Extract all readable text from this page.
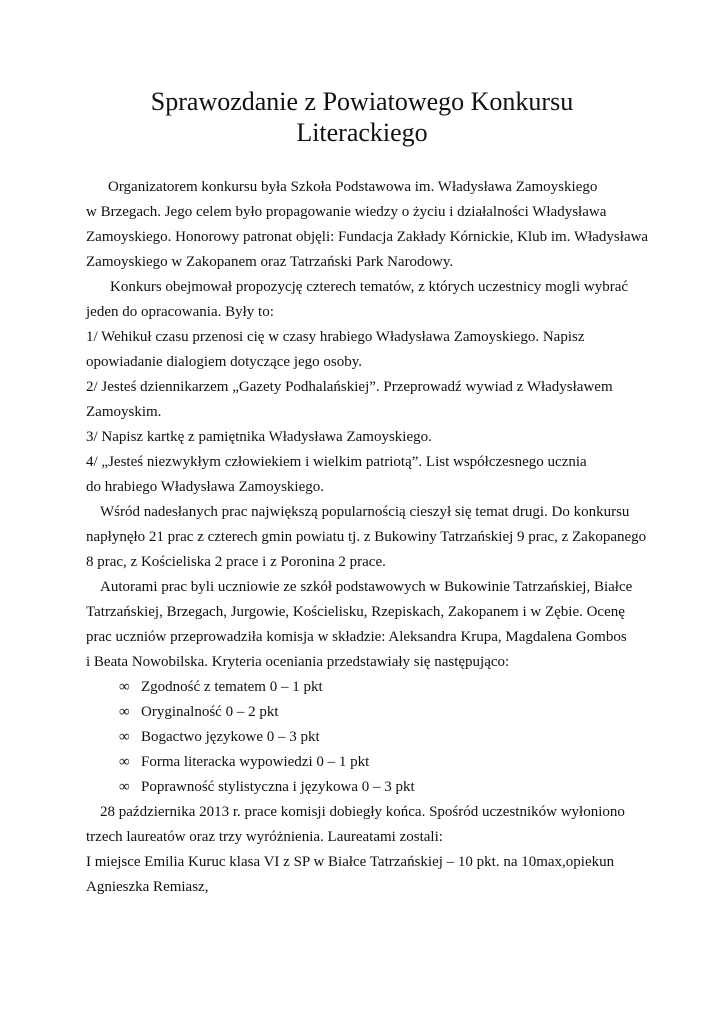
Sprawozdanie z Powiatowego Konkursu
Literackiego
Organizatorem konkursu była Szkoła Podstawowa im. Władysława Zamoyskiego
w Brzegach. Jego celem było propagowanie wiedzy o życiu i działalności Władysława
Zamoyskiego. Honorowy patronat objęli: Fundacja Zakłady Kórnickie, Klub im. Władysława
Zamoyskiego w Zakopanem oraz Tatrzański Park Narodowy.
Konkurs obejmował propozycję czterech tematów, z których uczestnicy mogli wybrać
jeden do opracowania. Były to:
1/ Wehikuł czasu przenosi cię w czasy hrabiego Władysława Zamoyskiego. Napisz
opowiadanie dialogiem dotyczące jego osoby.
2/ Jesteś dziennikarzem „Gazety Podhalańskiej”. Przeprowadź wywiad z Władysławem
Zamoyskim.
3/ Napisz kartkę z pamiętnika Władysława Zamoyskiego.
4/ „Jesteś niezwykłym człowiekiem i wielkim patriotą”. List współczesnego ucznia
do hrabiego Władysława Zamoyskiego.
Wśród nadesłanych prac największą popularnością cieszył się temat drugi. Do konkursu
napłynęło 21 prac z czterech gmin powiatu tj. z Bukowiny Tatrzańskiej 9 prac, z Zakopanego
8 prac, z Kościeliska 2 prace i z Poronina 2 prace.
Autorami prac byli uczniowie ze szkół podstawowych w Bukowinie Tatrzańskiej, Białce
Tatrzańskiej, Brzegach, Jurgowie, Kościelisku, Rzepiskach, Zakopanem i w Zębie. Ocenę
prac uczniów przeprowadziła komisja w składzie: Aleksandra Krupa, Magdalena Gombos
i Beata Nowobilska. Kryteria oceniania przedstawiały się następująco:
∞ Zgodność z tematem 0 – 1 pkt
∞ Oryginalność 0 – 2 pkt
∞ Bogactwo językowe 0 – 3 pkt
∞ Forma literacka wypowiedzi 0 – 1 pkt
∞ Poprawność stylistyczna i językowa 0 – 3 pkt
28 października 2013 r. prace komisji dobiegły końca. Spośród uczestników wyłoniono
trzech laureatów oraz trzy wyróżnienia. Laureatami zostali:
I miejsce Emilia Kuruc klasa VI z SP w Białce Tatrzańskiej – 10 pkt. na 10max,opiekun
Agnieszka Remiasz,
